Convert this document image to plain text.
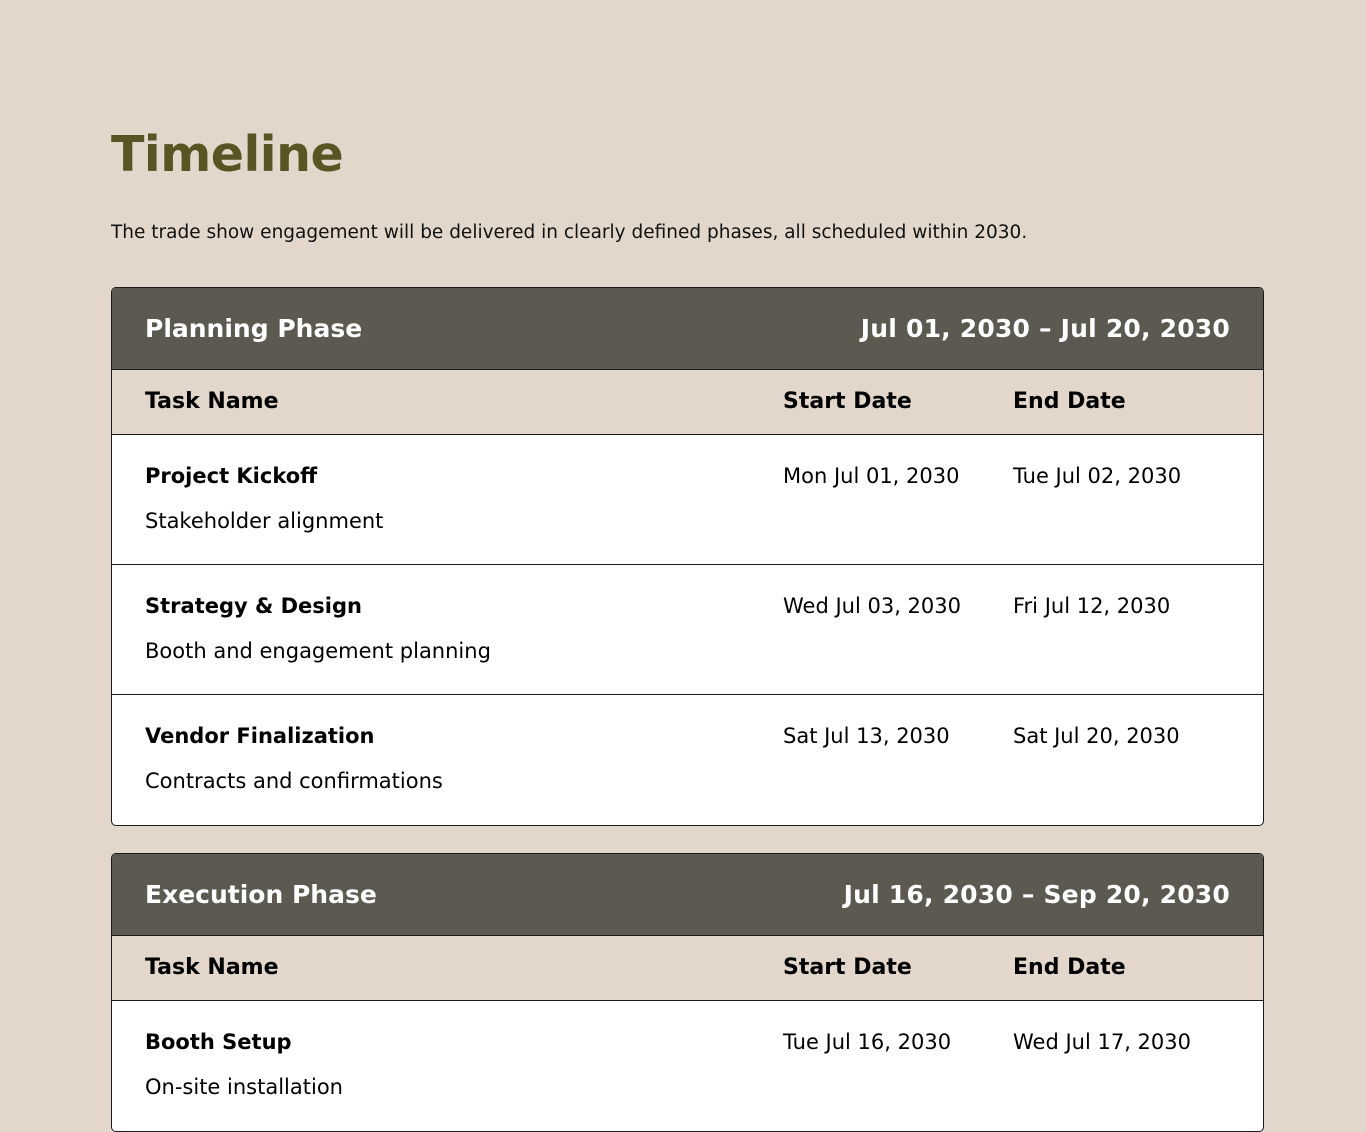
Timeline

The trade show engagement will be delivered in clearly defined phases, all scheduled within 2030.

Planning Phase	Jul 01, 2030 – Jul 20, 2030
Task Name	Start Date	End Date
Project Kickoff
Stakeholder alignment
Mon Jul 01, 2030	Tue Jul 02, 2030
Strategy & Design
Booth and engagement planning
Wed Jul 03, 2030	Fri Jul 12, 2030
Vendor Finalization
Contracts and confirmations
Sat Jul 13, 2030	Sat Jul 20, 2030
Execution Phase	Jul 16, 2030 – Sep 20, 2030
Task Name	Start Date	End Date
Booth Setup
On-site installation
Tue Jul 16, 2030	Wed Jul 17, 2030
